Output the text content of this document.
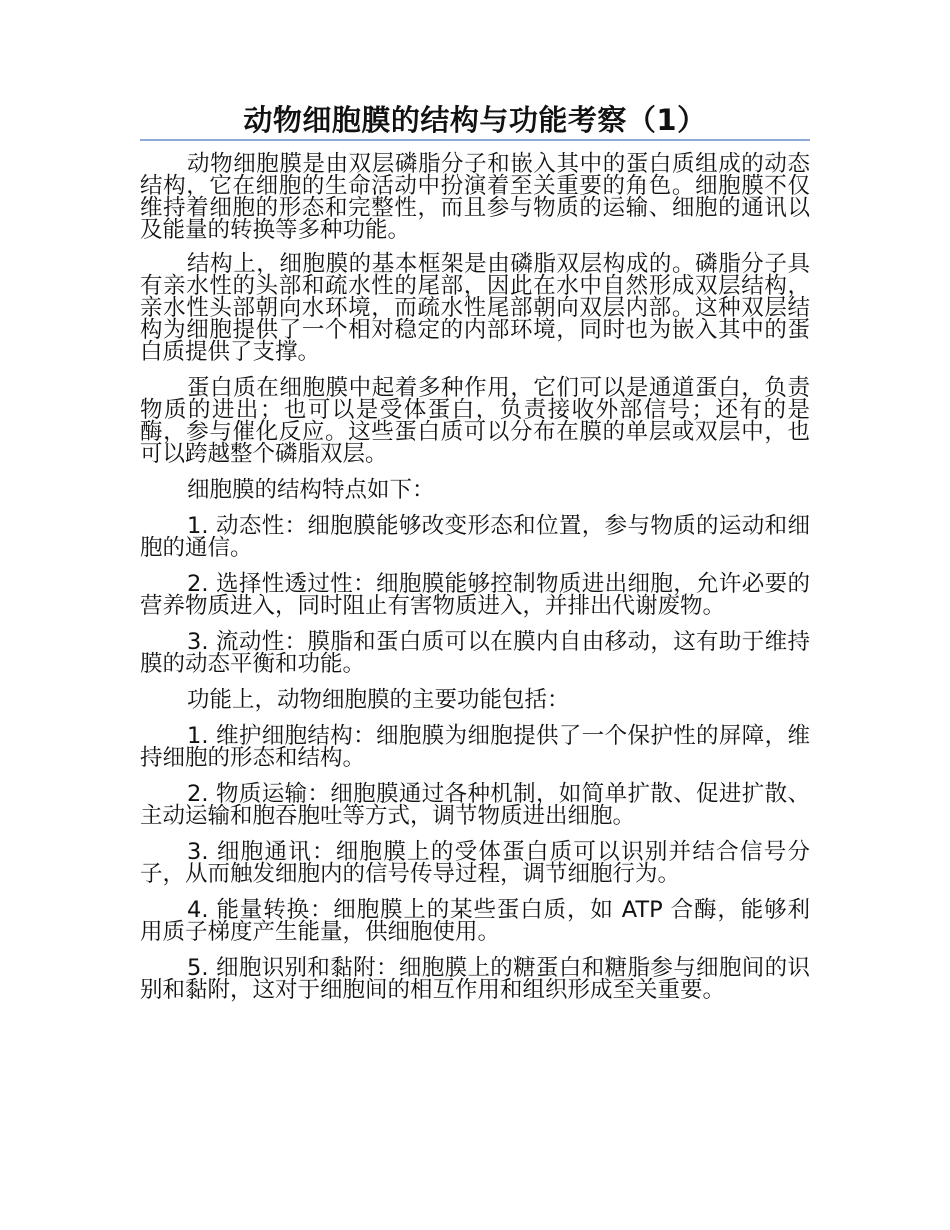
动物细胞膜的结构与功能考察（1）

动物细胞膜是由双层磷脂分子和嵌入其中的蛋白质组成的动态结构，它在细胞的生命活动中扮演着至关重要的角色。细胞膜不仅维持着细胞的形态和完整性，而且参与物质的运输、细胞的通讯以及能量的转换等多种功能。

结构上，细胞膜的基本框架是由磷脂双层构成的。磷脂分子具有亲水性的头部和疏水性的尾部，因此在水中自然形成双层结构，亲水性头部朝向水环境，而疏水性尾部朝向双层内部。这种双层结构为细胞提供了一个相对稳定的内部环境，同时也为嵌入其中的蛋白质提供了支撑。

蛋白质在细胞膜中起着多种作用，它们可以是通道蛋白，负责物质的进出；也可以是受体蛋白，负责接收外部信号；还有的是酶，参与催化反应。这些蛋白质可以分布在膜的单层或双层中，也可以跨越整个磷脂双层。

细胞膜的结构特点如下：

1. 动态性：细胞膜能够改变形态和位置，参与物质的运动和细胞的通信。

2. 选择性透过性：细胞膜能够控制物质进出细胞，允许必要的营养物质进入，同时阻止有害物质进入，并排出代谢废物。

3. 流动性：膜脂和蛋白质可以在膜内自由移动，这有助于维持膜的动态平衡和功能。

功能上，动物细胞膜的主要功能包括：

1. 维护细胞结构：细胞膜为细胞提供了一个保护性的屏障，维持细胞的形态和结构。

2. 物质运输：细胞膜通过各种机制，如简单扩散、促进扩散、主动运输和胞吞胞吐等方式，调节物质进出细胞。

3. 细胞通讯：细胞膜上的受体蛋白质可以识别并结合信号分子，从而触发细胞内的信号传导过程，调节细胞行为。

4. 能量转换：细胞膜上的某些蛋白质，如 ATP 合酶，能够利用质子梯度产生能量，供细胞使用。

5. 细胞识别和黏附：细胞膜上的糖蛋白和糖脂参与细胞间的识别和黏附，这对于细胞间的相互作用和组织形成至关重要。
